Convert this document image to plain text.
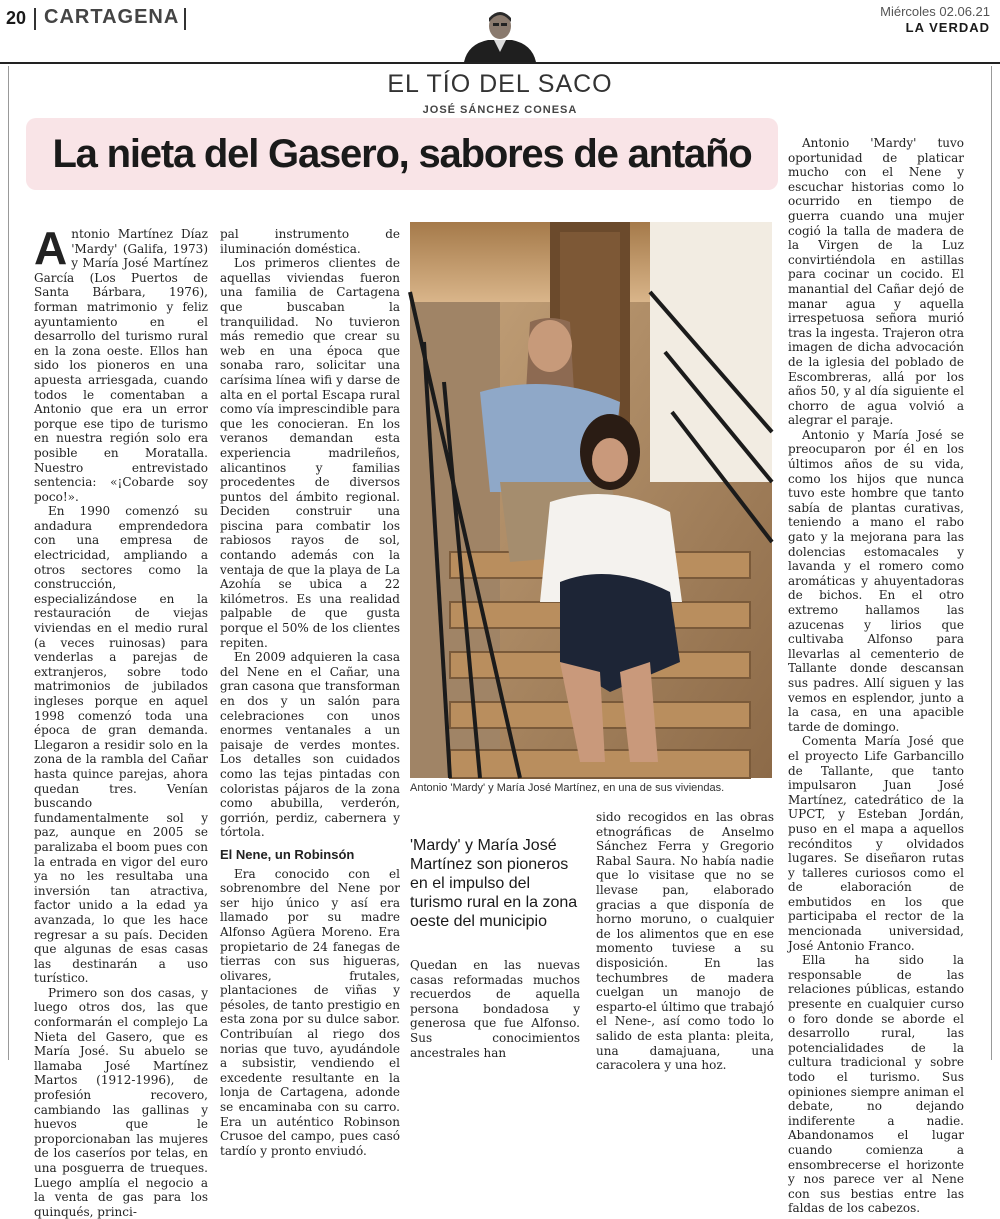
20 CARTAGENA	Miércoles 02.06.21
LA VERDAD
EL TÍO DEL SACO
JOSÉ SÁNCHEZ CONESA
La nieta del Gasero, sabores de antaño

Antonio Martínez Díaz 'Mardy' (Galifa, 1973) y María José Martínez García (Los Puertos de Santa Bárbara, 1976), forman matrimonio y feliz ayuntamiento en el desarrollo del turismo rural en la zona oeste. Ellos han sido los pioneros en una apuesta arriesgada, cuando todos le comentaban a Antonio que era un error porque ese tipo de turismo en nuestra región solo era posible en Moratalla. Nuestro entrevistado sentencia: «¡Cobarde soy poco!».

En 1990 comenzó su andadura emprendedora con una empresa de electricidad, ampliando a otros sectores como la construcción, especializándose en la restauración de viejas viviendas en el medio rural (a veces ruinosas) para venderlas a parejas de extranjeros, sobre todo matrimonios de jubilados ingleses porque en aquel 1998 comenzó toda una época de gran demanda. Llegaron a residir solo en la zona de la rambla del Cañar hasta quince parejas, ahora quedan tres. Venían buscando fundamentalmente sol y paz, aunque en 2005 se paralizaba el boom pues con la entrada en vigor del euro ya no les resultaba una inversión tan atractiva, factor unido a la edad ya avanzada, lo que les hace regresar a su país. Deciden que algunas de esas casas las destinarán a uso turístico.

Primero son dos casas, y luego otros dos, las que conformarán el complejo La Nieta del Gasero, que es María José. Su abuelo se llamaba José Martínez Martos (1912-1996), de profesión recovero, cambiando las gallinas y huevos que le proporcionaban las mujeres de los caseríos por telas, en una posguerra de trueques. Luego amplía el negocio a la venta de gas para los quinqués, princi-

pal instrumento de iluminación doméstica.

Los primeros clientes de aquellas viviendas fueron una familia de Cartagena que buscaban la tranquilidad. No tuvieron más remedio que crear su web en una época que sonaba raro, solicitar una carísima línea wifi y darse de alta en el portal Escapa rural como vía imprescindible para que les conocieran. En los veranos demandan esta experiencia madrileños, alicantinos y familias procedentes de diversos puntos del ámbito regional. Deciden construir una piscina para combatir los rabiosos rayos de sol, contando además con la ventaja de que la playa de La Azohía se ubica a 22 kilómetros. Es una realidad palpable de que gusta porque el 50% de los clientes repiten.

En 2009 adquieren la casa del Nene en el Cañar, una gran casona que transforman en dos y un salón para celebraciones con unos enormes ventanales a un paisaje de verdes montes. Los detalles son cuidados como las tejas pintadas con coloristas pájaros de la zona como abubilla, verderón, gorrión, perdiz, cabernera y tórtola.

El Nene, un Robinsón

Era conocido con el sobrenombre del Nene por ser hijo único y así era llamado por su madre Alfonso Agüera Moreno. Era propietario de 24 fanegas de tierras con sus higueras, olivares, frutales, plantaciones de viñas y pésoles, de tanto prestigio en esta zona por su dulce sabor. Contribuían al riego dos norias que tuvo, ayudándole a subsistir, vendiendo el excedente resultante en la lonja de Cartagena, adonde se encaminaba con su carro. Era un auténtico Robinson Crusoe del campo, pues casó tardío y pronto enviudó.

Antonio 'Mardy' y María José Martínez, en una de sus viviendas.
'Mardy' y María José Martínez son pioneros en el impulso del turismo rural en la zona oeste del municipio

Quedan en las nuevas casas reformadas muchos recuerdos de aquella persona bondadosa y generosa que fue Alfonso. Sus conocimientos ancestrales han

sido recogidos en las obras etnográficas de Anselmo Sánchez Ferra y Gregorio Rabal Saura. No había nadie que lo visitase que no se llevase pan, elaborado gracias a que disponía de horno moruno, o cualquier de los alimentos que en ese momento tuviese a su disposición. En las techumbres de madera cuelgan un manojo de esparto-el último que trabajó el Nene-, así como todo lo salido de esta planta: pleita, una damajuana, una caracolera y una hoz.

Antonio 'Mardy' tuvo oportunidad de platicar mucho con el Nene y escuchar historias como lo ocurrido en tiempo de guerra cuando una mujer cogió la talla de madera de la Virgen de la Luz convirtiéndola en astillas para cocinar un cocido. El manantial del Cañar dejó de manar agua y aquella irrespetuosa señora murió tras la ingesta. Trajeron otra imagen de dicha advocación de la iglesia del poblado de Escombreras, allá por los años 50, y al día siguiente el chorro de agua volvió a alegrar el paraje.

Antonio y María José se preocuparon por él en los últimos años de su vida, como los hijos que nunca tuvo este hombre que tanto sabía de plantas curativas, teniendo a mano el rabo gato y la mejorana para las dolencias estomacales y lavanda y el romero como aromáticas y ahuyentadoras de bichos. En el otro extremo hallamos las azucenas y lirios que cultivaba Alfonso para llevarlas al cementerio de Tallante donde descansan sus padres. Allí siguen y las vemos en esplendor, junto a la casa, en una apacible tarde de domingo.

Comenta María José que el proyecto Life Garbancillo de Tallante, que tanto impulsaron Juan José Martínez, catedrático de la UPCT, y Esteban Jordán, puso en el mapa a aquellos recónditos y olvidados lugares. Se diseñaron rutas y talleres curiosos como el de elaboración de embutidos en los que participaba el rector de la mencionada universidad, José Antonio Franco.

Ella ha sido la responsable de las relaciones públicas, estando presente en cualquier curso o foro donde se aborde el desarrollo rural, las potencialidades de la cultura tradicional y sobre todo el turismo. Sus opiniones siempre animan el debate, no dejando indiferente a nadie. Abandonamos el lugar cuando comienza a ensombrecerse el horizonte y nos parece ver al Nene con sus bestias entre las faldas de los cabezos.
